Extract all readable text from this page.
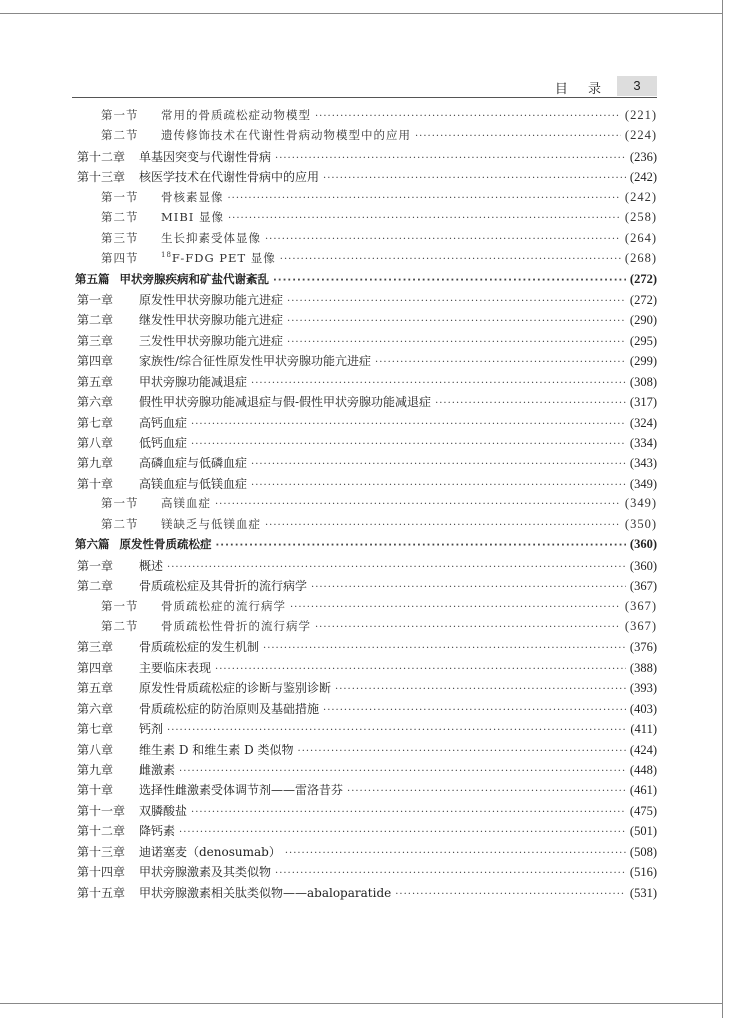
目 录	3
第一节	常用的骨质疏松症动物模型 ·····	(221)
第二节	遗传修饰技术在代谢性骨病动物模型中的应用 ·····	(224)
第十二章 单基因突变与代谢性骨病 ·····	(236)
第十三章 核医学技术在代谢性骨病中的应用 ·····	(242)
第一节	骨核素显像 ·····	(242)
第二节	MIBI 显像 ·····	(258)
第三节	生长抑素受体显像 ·····	(264)
第四节	$^{18}$F-FDG PET 显像 ·····	(268)
第五篇 甲状旁腺疾病和矿盐代谢紊乱 ·····	(272)
第一章	原发性甲状旁腺功能亢进症 ·····	(272)
第二章	继发性甲状旁腺功能亢进症 ·····	(290)
第三章	三发性甲状旁腺功能亢进症 ·····	(295)
第四章	家族性/综合征性原发性甲状旁腺功能亢进症 ·····	(299)
第五章	甲状旁腺功能减退症 ·····	(308)
第六章	假性甲状旁腺功能减退症与假-假性甲状旁腺功能减退症 ·····	(317)
第七章	高钙血症 ·····	(324)
第八章	低钙血症 ·····	(334)
第九章	高磷血症与低磷血症 ·····	(343)
第十章	高镁血症与低镁血症 ·····	(349)
第一节	高镁血症 ·····	(349)
第二节	镁缺乏与低镁血症 ·····	(350)
第六篇 原发性骨质疏松症 ·····	(360)
第一章	概述 ·····	(360)
第二章	骨质疏松症及其骨折的流行病学 ·····	(367)
第一节	骨质疏松症的流行病学 ·····	(367)
第二节	骨质疏松性骨折的流行病学 ·····	(367)
第三章	骨质疏松症的发生机制 ·····	(376)
第四章	主要临床表现 ·····	(388)
第五章	原发性骨质疏松症的诊断与鉴别诊断 ·····	(393)
第六章	骨质疏松症的防治原则及基础措施 ·····	(403)
第七章	钙剂 ·····	(411)
第八章	维生素 D 和维生素 D 类似物 ·····	(424)
第九章	雌激素 ·····	(448)
第十章	选择性雌激素受体调节剂——雷洛昔芬 ·····	(461)
第十一章 双膦酸盐 ·····	(475)
第十二章 降钙素 ·····	(501)
第十三章 迪诺塞麦（denosumab） ·····	(508)
第十四章 甲状旁腺激素及其类似物 ·····	(516)
第十五章 甲状旁腺激素相关肽类似物——abaloparatide ·····	(531)
